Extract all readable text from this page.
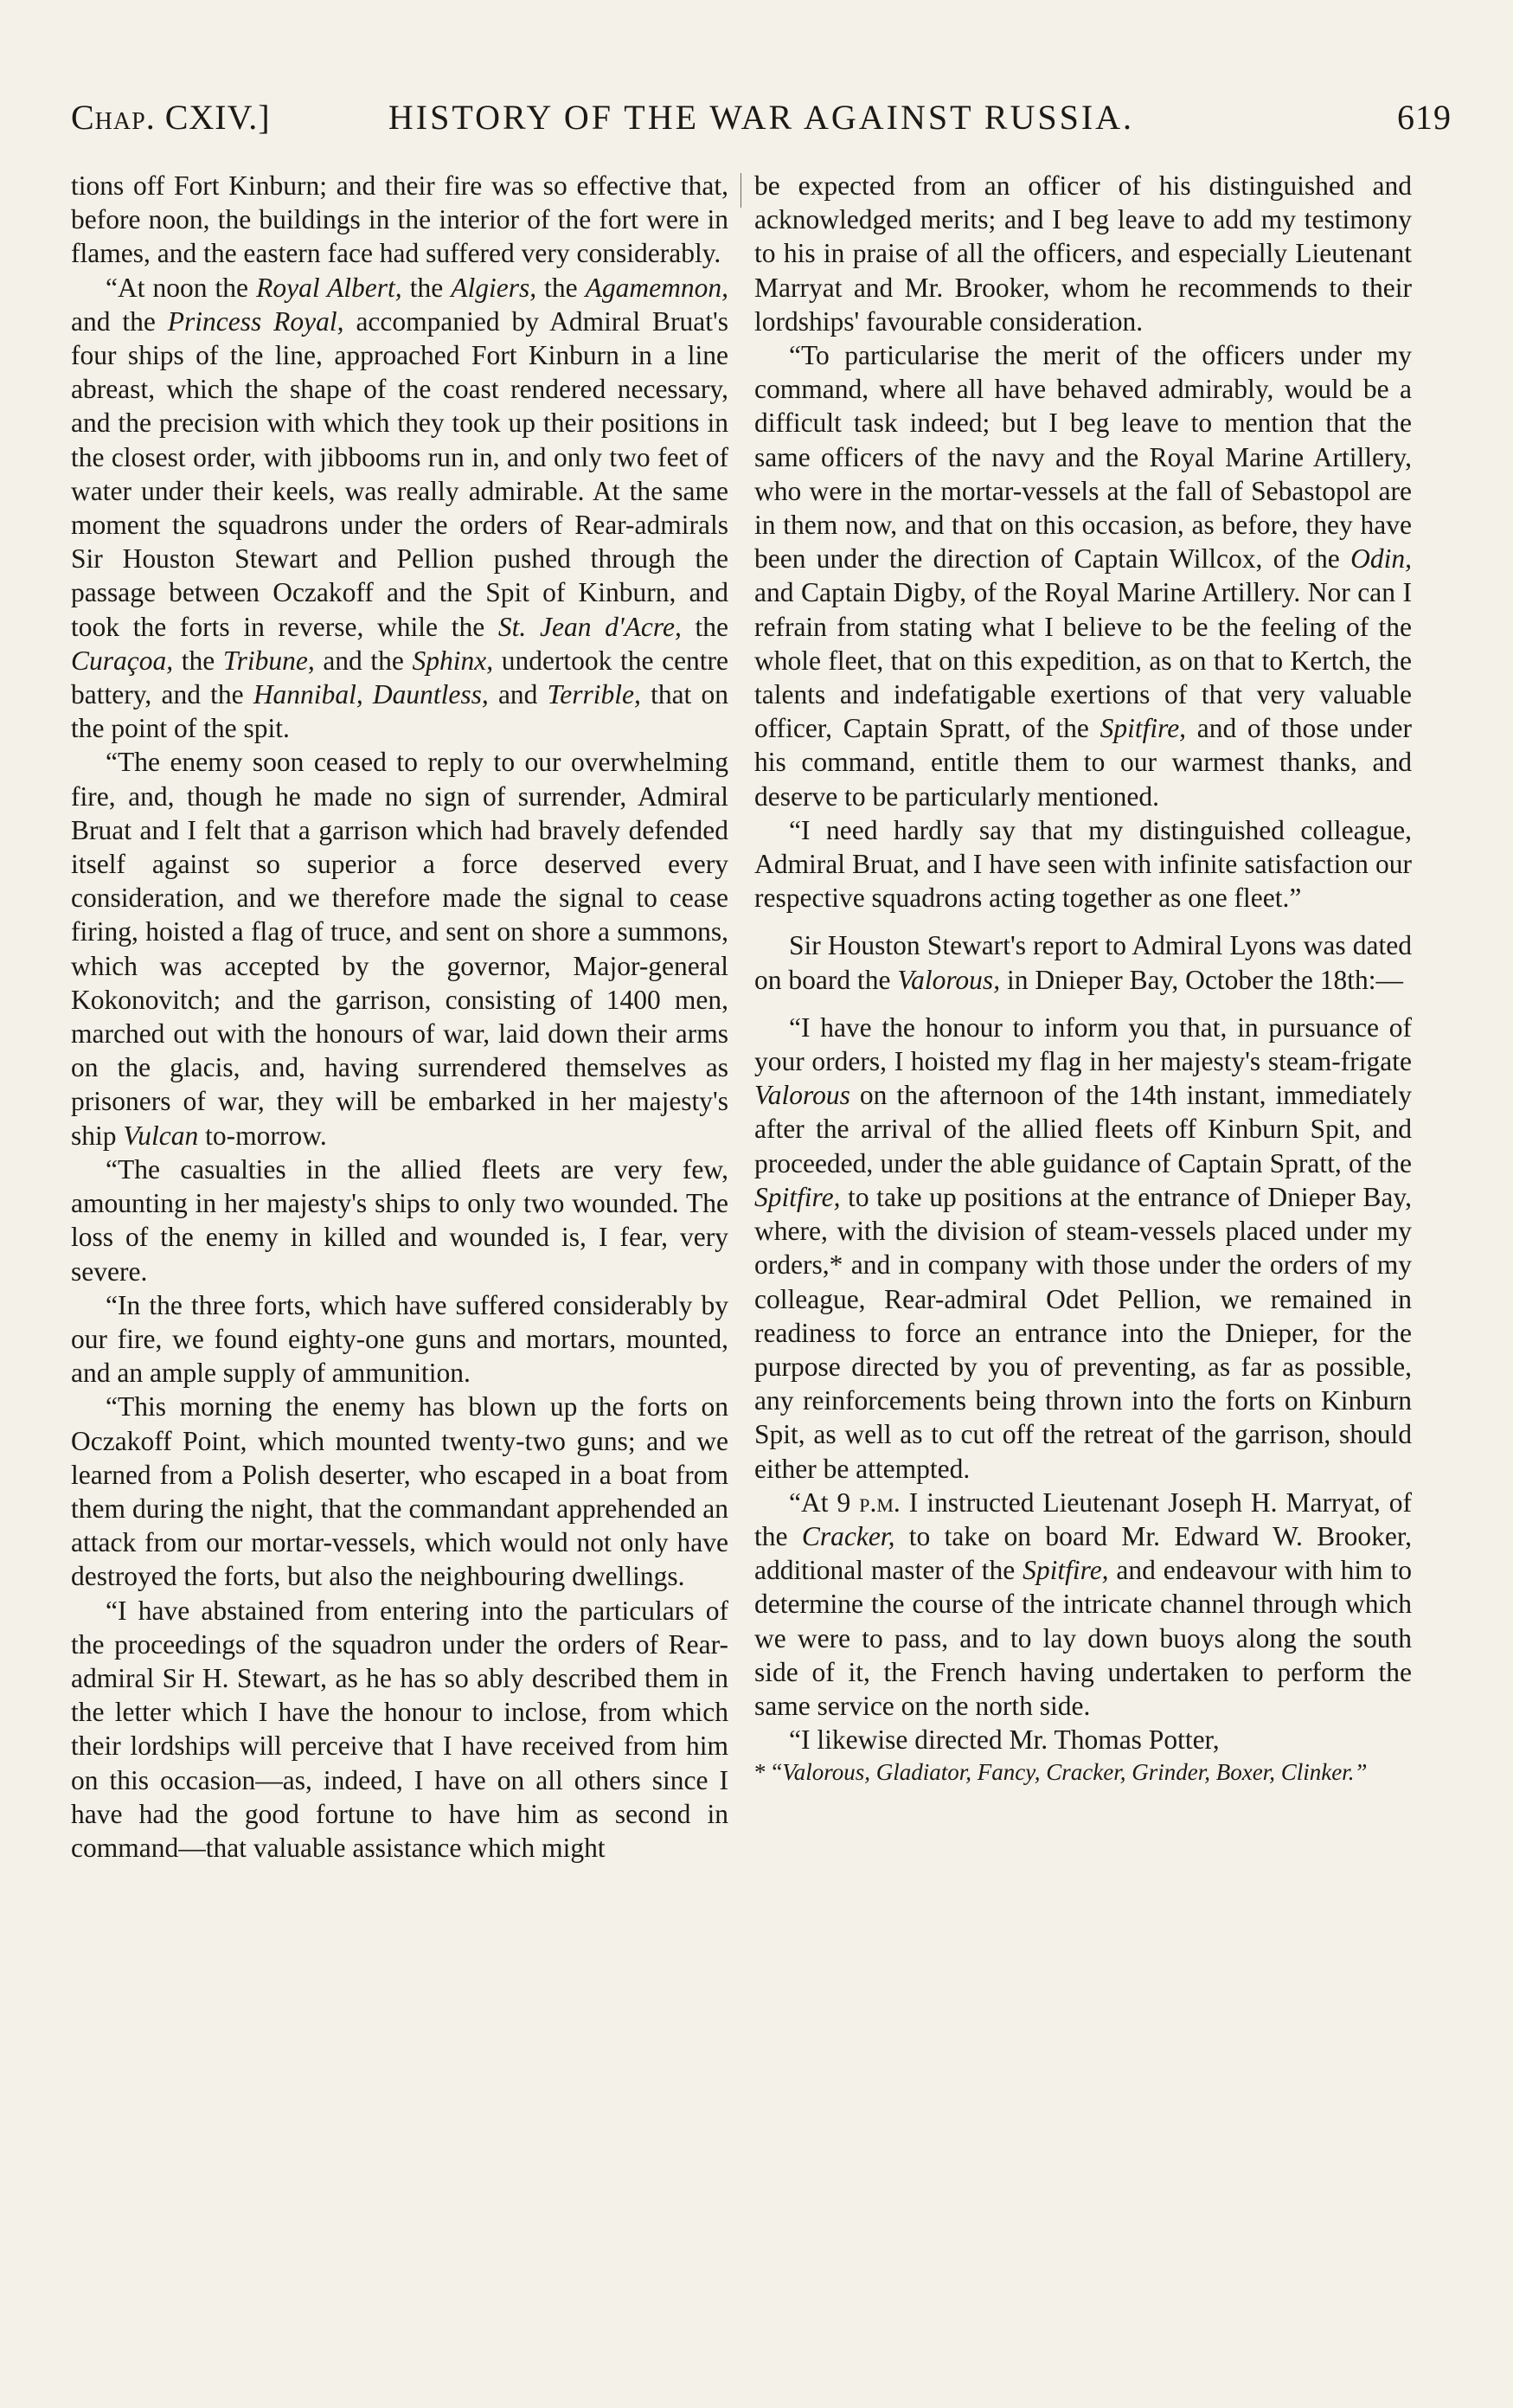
Chap. CXIV.]	HISTORY OF THE WAR AGAINST RUSSIA.	619

tions off Fort Kinburn; and their fire was so effective that, before noon, the buildings in the interior of the fort were in flames, and the eastern face had suffered very considerably.

“At noon the Royal Albert, the Algiers, the Agamemnon, and the Princess Royal, accompanied by Admiral Bruat's four ships of the line, approached Fort Kinburn in a line abreast, which the shape of the coast rendered necessary, and the precision with which they took up their positions in the closest order, with jibbooms run in, and only two feet of water under their keels, was really admirable. At the same moment the squadrons under the orders of Rear-admirals Sir Houston Stewart and Pellion pushed through the passage between Oczakoff and the Spit of Kinburn, and took the forts in reverse, while the St. Jean d'Acre, the Curaçoa, the Tribune, and the Sphinx, undertook the centre battery, and the Hannibal, Dauntless, and Terrible, that on the point of the spit.

“The enemy soon ceased to reply to our overwhelming fire, and, though he made no sign of surrender, Admiral Bruat and I felt that a garrison which had bravely defended itself against so superior a force deserved every consideration, and we therefore made the signal to cease firing, hoisted a flag of truce, and sent on shore a summons, which was accepted by the governor, Major-general Kokonovitch; and the garrison, consisting of 1400 men, marched out with the honours of war, laid down their arms on the glacis, and, having surrendered themselves as prisoners of war, they will be embarked in her majesty's ship Vulcan to-morrow.

“The casualties in the allied fleets are very few, amounting in her majesty's ships to only two wounded. The loss of the enemy in killed and wounded is, I fear, very severe.

“In the three forts, which have suffered considerably by our fire, we found eighty-one guns and mortars, mounted, and an ample supply of ammunition.

“This morning the enemy has blown up the forts on Oczakoff Point, which mounted twenty-two guns; and we learned from a Polish deserter, who escaped in a boat from them during the night, that the commandant apprehended an attack from our mortar-vessels, which would not only have destroyed the forts, but also the neighbouring dwellings.

“I have abstained from entering into the particulars of the proceedings of the squadron under the orders of Rear-admiral Sir H. Stewart, as he has so ably described them in the letter which I have the honour to inclose, from which their lordships will perceive that I have received from him on this occasion—as, indeed, I have on all others since I have had the good fortune to have him as second in command—that valuable assistance which might

be expected from an officer of his distinguished and acknowledged merits; and I beg leave to add my testimony to his in praise of all the officers, and especially Lieutenant Marryat and Mr. Brooker, whom he recommends to their lordships' favourable consideration.

“To particularise the merit of the officers under my command, where all have behaved admirably, would be a difficult task indeed; but I beg leave to mention that the same officers of the navy and the Royal Marine Artillery, who were in the mortar-vessels at the fall of Sebastopol are in them now, and that on this occasion, as before, they have been under the direction of Captain Willcox, of the Odin, and Captain Digby, of the Royal Marine Artillery. Nor can I refrain from stating what I believe to be the feeling of the whole fleet, that on this expedition, as on that to Kertch, the talents and indefatigable exertions of that very valuable officer, Captain Spratt, of the Spitfire, and of those under his command, entitle them to our warmest thanks, and deserve to be particularly mentioned.

“I need hardly say that my distinguished colleague, Admiral Bruat, and I have seen with infinite satisfaction our respective squadrons acting together as one fleet.”

Sir Houston Stewart's report to Admiral Lyons was dated on board the Valorous, in Dnieper Bay, October the 18th:—

“I have the honour to inform you that, in pursuance of your orders, I hoisted my flag in her majesty's steam-frigate Valorous on the afternoon of the 14th instant, immediately after the arrival of the allied fleets off Kinburn Spit, and proceeded, under the able guidance of Captain Spratt, of the Spitfire, to take up positions at the entrance of Dnieper Bay, where, with the division of steam-vessels placed under my orders,* and in company with those under the orders of my colleague, Rear-admiral Odet Pellion, we remained in readiness to force an entrance into the Dnieper, for the purpose directed by you of preventing, as far as possible, any reinforcements being thrown into the forts on Kinburn Spit, as well as to cut off the retreat of the garrison, should either be attempted.

“At 9 p.m. I instructed Lieutenant Joseph H. Marryat, of the Cracker, to take on board Mr. Edward W. Brooker, additional master of the Spitfire, and endeavour with him to determine the course of the intricate channel through which we were to pass, and to lay down buoys along the south side of it, the French having undertaken to perform the same service on the north side.

“I likewise directed Mr. Thomas Potter,

* “Valorous, Gladiator, Fancy, Cracker, Grinder, Boxer, Clinker.”
